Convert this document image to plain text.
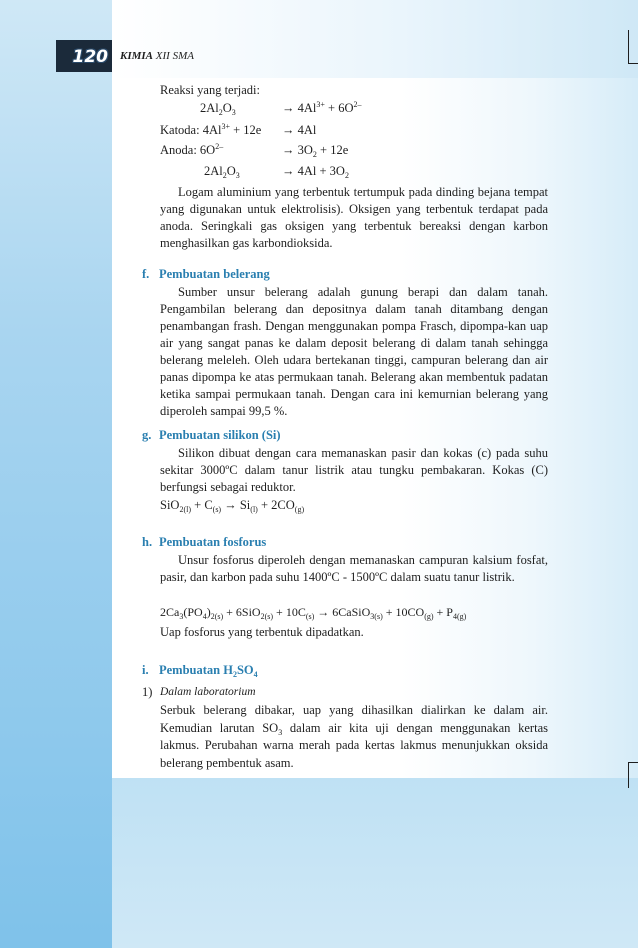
120 KIMIA XII SMA
Reaksi yang terjadi:
$2Al_2O_3$	→ $4Al^{3+} + 6O^{2-}$
Katoda: $4Al^{3+} + 12e \to 4Al$
Anoda: $6O^{2-}$	→ $3O_2 + 12e$
$2Al_2O_3$	→ $4Al + 3O_2$
Logam aluminium yang terbentuk tertumpuk pada dinding bejana tempat yang digunakan untuk elektrolisis). Oksigen yang terbentuk terdapat pada anoda. Seringkali gas oksigen yang terbentuk bereaksi dengan karbon menghasilkan gas karbondioksida.
f. Pembuatan belerang
Sumber unsur belerang adalah gunung berapi dan dalam tanah. Pengambilan belerang dan depositnya dalam tanah ditambang dengan penambangan frash. Dengan menggunakan pompa Frasch, dipompa-kan uap air yang sangat panas ke dalam deposit belerang di dalam tanah sehingga belerang meleleh. Oleh udara bertekanan tinggi, campuran belerang dan air panas dipompa ke atas permukaan tanah. Belerang akan membentuk padatan ketika sampai permukaan tanah. Dengan cara ini kemurnian belerang yang diperoleh sampai 99,5 %.
g. Pembuatan silikon (Si)
Silikon dibuat dengan cara memanaskan pasir dan kokas (c) pada suhu sekitar 3000ºC dalam tanur listrik atau tungku pembakaran. Kokas (C) berfungsi sebagai reduktor.
$SiO_{2(l)} + C_{(s)} \to Si_{(l)} + 2CO_{(g)}$
h. Pembuatan fosforus
Unsur fosforus diperoleh dengan memanaskan campuran kalsium fosfat, pasir, dan karbon pada suhu 1400ºC - 1500ºC dalam suatu tanur listrik.
$2Ca_3(PO_4)_{2(s)} + 6SiO_{2(s)} + 10C_{(s)}$ → 6CaSiO$_{3(s)}$ + $10CO_{(g)} + P_{4(g)}$
Uap fosforus yang terbentuk dipadatkan.
i. Pembuatan $H_2SO_4$
1) Dalam laboratorium
Serbuk belerang dibakar, uap yang dihasilkan dialirkan ke dalam air. Kemudian larutan $SO_3$ dalam air kita uji dengan menggunakan kertas lakmus. Perubahan warna merah pada kertas lakmus menunjukkan oksida belerang pembentuk asam.
